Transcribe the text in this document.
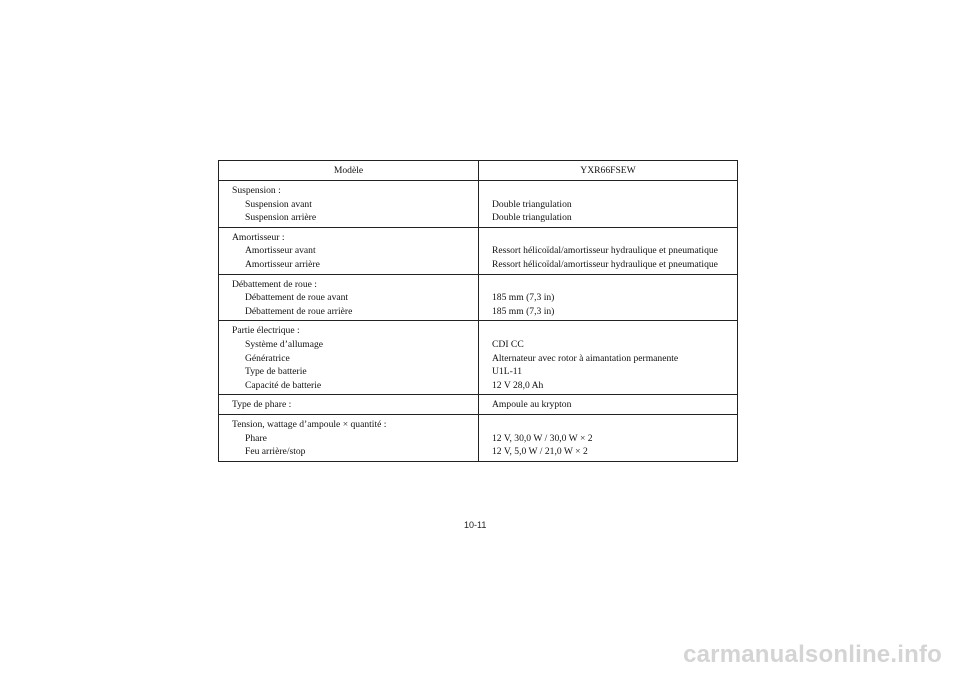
Modèle	YXR66FSEW
Suspension :	
Suspension avant	Double triangulation
Suspension arrière	Double triangulation
Amortisseur :	
Amortisseur avant	Ressort hélicoïdal/amortisseur hydraulique et pneumatique
Amortisseur arrière	Ressort hélicoïdal/amortisseur hydraulique et pneumatique
Débattement de roue :	
Débattement de roue avant	185 mm (7,3 in)
Débattement de roue arrière	185 mm (7,3 in)
Partie électrique :	
Système d’allumage	CDI CC
Génératrice	Alternateur avec rotor à aimantation permanente
Type de batterie	U1L-11
Capacité de batterie	12 V 28,0 Ah
Type de phare :	Ampoule au krypton
Tension, wattage d’ampoule × quantité :	
Phare	12 V, 30,0 W / 30,0 W × 2
Feu arrière/stop	12 V, 5,0 W / 21,0 W × 2
10-11
carmanualsonline.info
